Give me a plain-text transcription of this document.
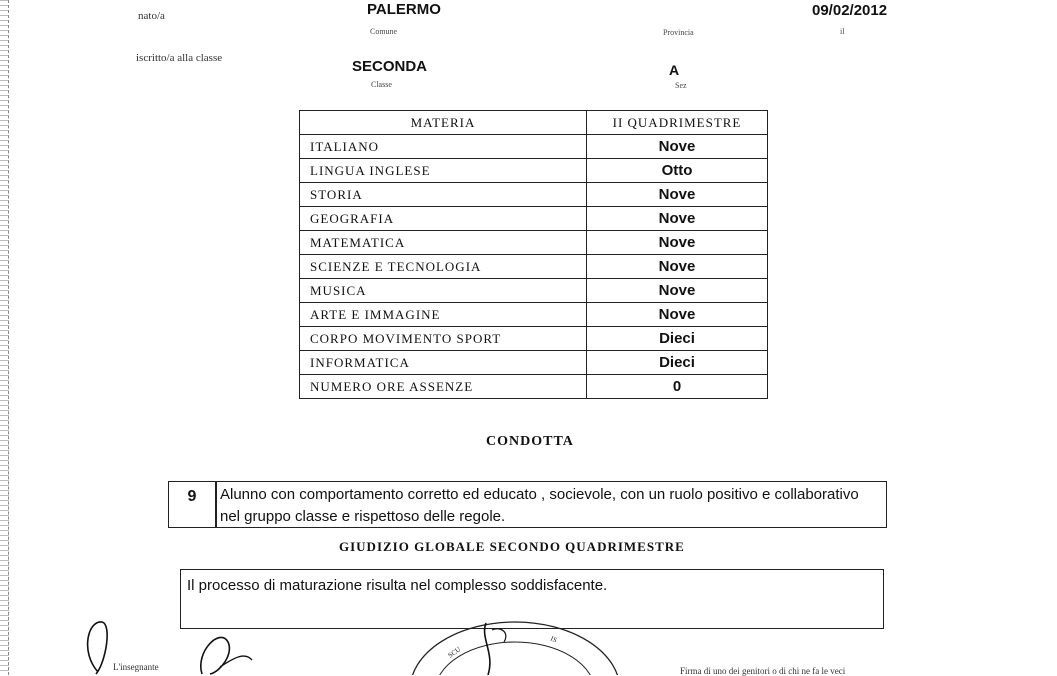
nato/a	PALERMO	09/02/2012
Comune	Provincia	il
iscritto/a alla classe	SECONDA	A
Classe	Sez
MATERIA	II QUADRIMESTRE
ITALIANO	Nove
LINGUA INGLESE	Otto
STORIA	Nove
GEOGRAFIA	Nove
MATEMATICA	Nove
SCIENZE E TECNOLOGIA	Nove
MUSICA	Nove
ARTE E IMMAGINE	Nove
CORPO MOVIMENTO SPORT	Dieci
INFORMATICA	Dieci
NUMERO ORE ASSENZE	0
CONDOTTA
9	Alunno con comportamento corretto ed educato , socievole, con un ruolo positivo e collaborativo nel gruppo classe e rispettoso delle regole.
GIUDIZIO GLOBALE SECONDO QUADRIMESTRE
Il processo di maturazione risulta nel complesso soddisfacente.
L'insegnante
SCU
IS
Firma di uno dei genitori o di chi ne fa le veci
